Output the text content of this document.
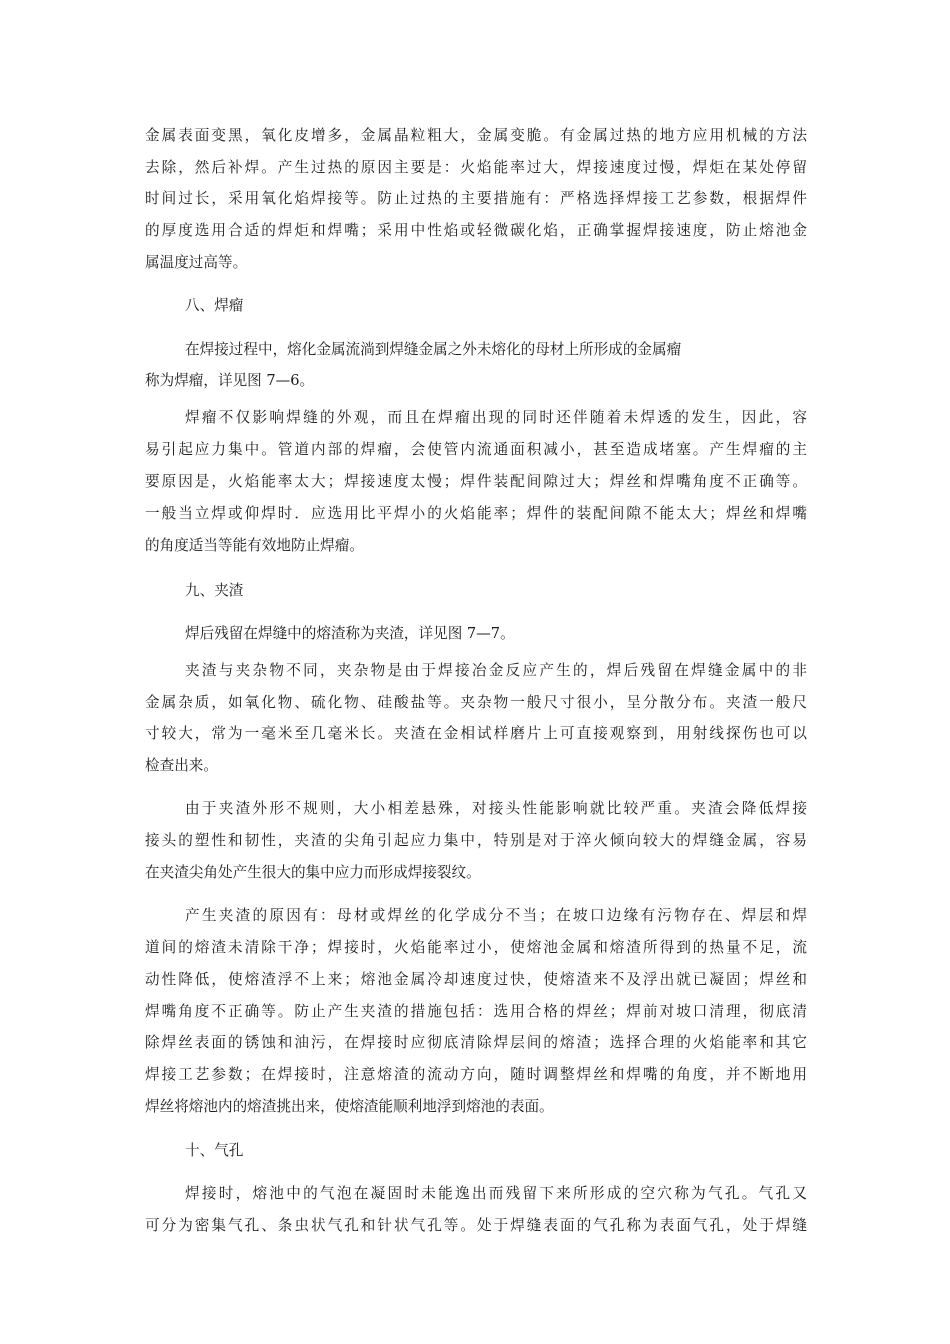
金属表面变黑，氧化皮增多，金属晶粒粗大，金属变脆。有金属过热的地方应用机械的方法
去除，然后补焊。产生过热的原因主要是：火焰能率过大，焊接速度过慢，焊炬在某处停留
时间过长，采用氧化焰焊接等。防止过热的主要措施有：严格选择焊接工艺参数，根据焊件
的厚度选用合适的焊炬和焊嘴；采用中性焰或轻微碳化焰，正确掌握焊接速度，防止熔池金
属温度过高等。
八、焊瘤
在焊接过程中，熔化金属流淌到焊缝金属之外未熔化的母材上所形成的金属瘤
称为焊瘤，详见图 7—6。
焊瘤不仅影响焊缝的外观，而且在焊瘤出现的同时还伴随着未焊透的发生，因此，容
易引起应力集中。管道内部的焊瘤，会使管内流通面积减小，甚至造成堵塞。产生焊瘤的主
要原因是，火焰能率太大；焊接速度太慢；焊件装配间隙过大；焊丝和焊嘴角度不正确等。
一般当立焊或仰焊时．应选用比平焊小的火焰能率；焊件的装配间隙不能太大；焊丝和焊嘴
的角度适当等能有效地防止焊瘤。
九、夹渣
焊后残留在焊缝中的熔渣称为夹渣，详见图 7—7。
夹渣与夹杂物不同，夹杂物是由于焊接冶金反应产生的，焊后残留在焊缝金属中的非
金属杂质，如氧化物、硫化物、硅酸盐等。夹杂物一般尺寸很小，呈分散分布。夹渣一般尺
寸较大，常为一毫米至几毫米长。夹渣在金相试样磨片上可直接观察到，用射线探伤也可以
检查出来。
由于夹渣外形不规则，大小相差悬殊，对接头性能影响就比较严重。夹渣会降低焊接
接头的塑性和韧性，夹渣的尖角引起应力集中，特别是对于淬火倾向较大的焊缝金属，容易
在夹渣尖角处产生很大的集中应力而形成焊接裂纹。
产生夹渣的原因有：母材或焊丝的化学成分不当；在坡口边缘有污物存在、焊层和焊
道间的熔渣未清除干净；焊接时，火焰能率过小，使熔池金属和熔渣所得到的热量不足，流
动性降低，使熔渣浮不上来；熔池金属冷却速度过快，使熔渣来不及浮出就已凝固；焊丝和
焊嘴角度不正确等。防止产生夹渣的措施包括：选用合格的焊丝；焊前对坡口清理，彻底清
除焊丝表面的锈蚀和油污，在焊接时应彻底清除焊层间的熔渣；选择合理的火焰能率和其它
焊接工艺参数；在焊接时，注意熔渣的流动方向，随时调整焊丝和焊嘴的角度，并不断地用
焊丝将熔池内的熔渣挑出来，使熔渣能顺利地浮到熔池的表面。
十、气孔
焊接时，熔池中的气泡在凝固时未能逸出而残留下来所形成的空穴称为气孔。气孔又
可分为密集气孔、条虫状气孔和针状气孔等。处于焊缝表面的气孔称为表面气孔，处于焊缝
